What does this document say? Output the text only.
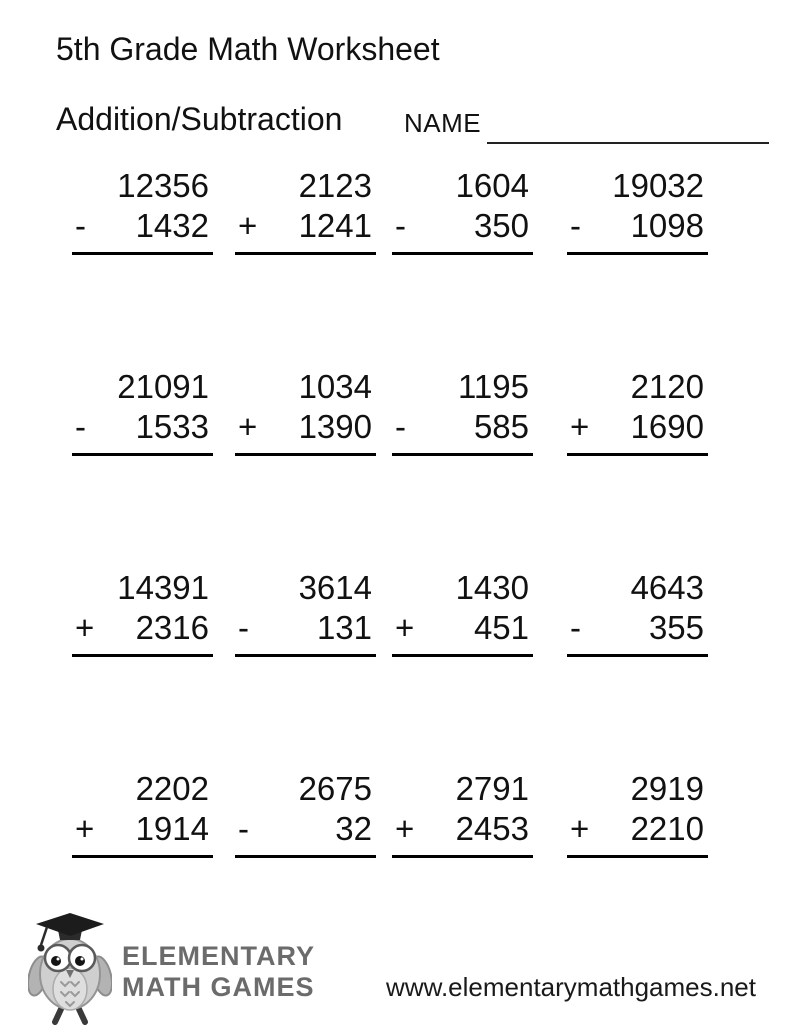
5th Grade Math Worksheet
Addition/Subtraction NAME
12356
- 1432
2123
+ 1241
1604
- 350
19032
- 1098
21091
- 1533
1034
+ 1390
1195
- 585
2120
+ 1690
14391
+ 2316
3614
- 131
1430
+ 451
4643
- 355
2202
+ 1914
2675
-	32
2791
+ 2453
2919
+ 2210
ELEMENTARY
MATH GAMES	www.elementarymathgames.net
